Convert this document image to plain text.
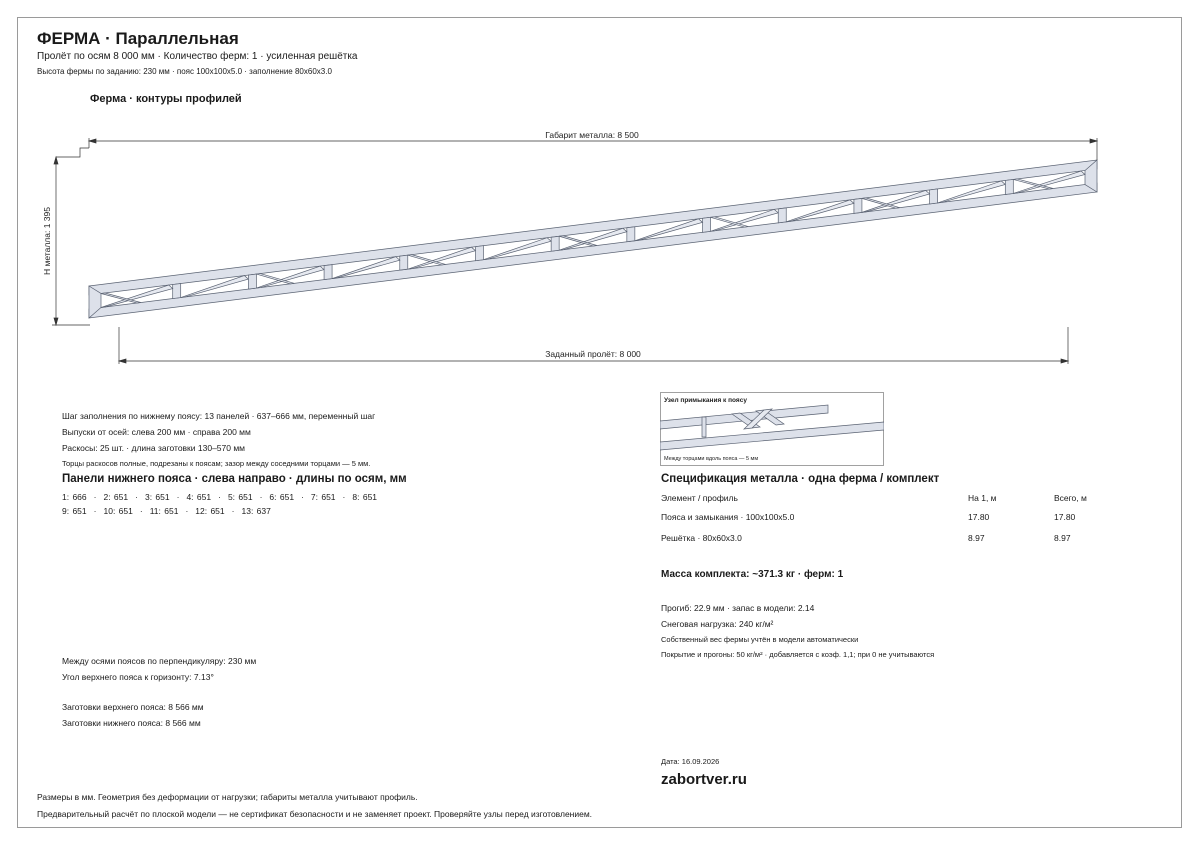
ФЕРМА · Параллельная
Пролёт по осям 8 000 мм · Количество ферм: 1 · усиленная решётка
Высота фермы по заданию: 230 мм · пояс 100x100x5.0 · заполнение 80x60x3.0
Ферма · контуры профилей
Габарит металла: 8 500
H металла: 1 395
Заданный пролёт: 8 000
Шаг заполнения по нижнему поясу: 13 панелей · 637–666 мм, переменный шаг
Выпуски от осей: слева 200 мм · справа 200 мм
Раскосы: 25 шт. · длина заготовки 130–570 мм
Торцы раскосов полные, подрезаны к поясам; зазор между соседними торцами — 5 мм.
Панели нижнего пояса · слева направо · длины по осям, мм
1: 666 · 2: 651 · 3: 651 · 4: 651 · 5: 651 · 6: 651 · 7: 651 · 8: 651
9: 651 · 10: 651 · 11: 651 · 12: 651 · 13: 637
Между осями поясов по перпендикуляру: 230 мм
Угол верхнего пояса к горизонту: 7.13°
Заготовки верхнего пояса: 8 566 мм
Заготовки нижнего пояса: 8 566 мм
Узел примыкания к поясу
Между торцами вдоль пояса — 5 мм
Спецификация металла · одна ферма / комплект
Элемент / профиль	На 1, м	Всего, м
Пояса и замыкания · 100x100x5.0	17.80	17.80
Решётка · 80x60x3.0	8.97	8.97
Масса комплекта: ~371.3 кг · ферм: 1
Прогиб: 22.9 мм · запас в модели: 2.14
Снеговая нагрузка: 240 кг/м²
Собственный вес фермы учтён в модели автоматически
Покрытие и прогоны: 50 кг/м² · добавляется с коэф. 1,1; при 0 не учитываются
Дата: 16.09.2026
zabortver.ru
Размеры в мм. Геометрия без деформации от нагрузки; габариты металла учитывают профиль.
Предварительный расчёт по плоской модели — не сертификат безопасности и не заменяет проект. Проверяйте узлы перед изготовлением.
